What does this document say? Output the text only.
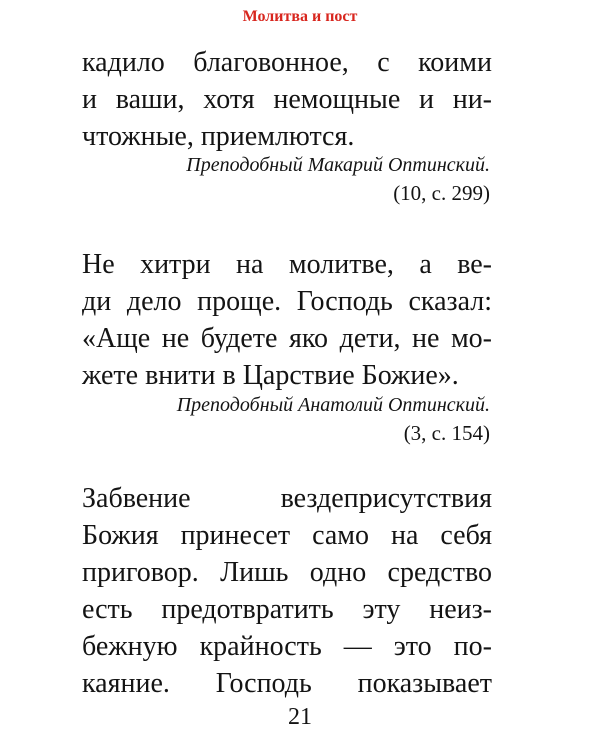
Молитва и пост
кадило благовонное, с коими
и ваши, хотя немощные и ни-
чтожные, приемлются.
Преподобный Макарий Оптинский.
(10, с. 299)
Не хитри на молитве, а ве-
ди дело проще. Господь сказал:
«Аще не будете яко дети, не мо-
жете внити в Царствие Божие».
Преподобный Анатолий Оптинский.
(3, с. 154)
Забвение вездеприсутствия
Божия принесет само на себя
приговор. Лишь одно средство
есть предотвратить эту неиз-
бежную крайность — это по-
каяние. Господь показывает
21
